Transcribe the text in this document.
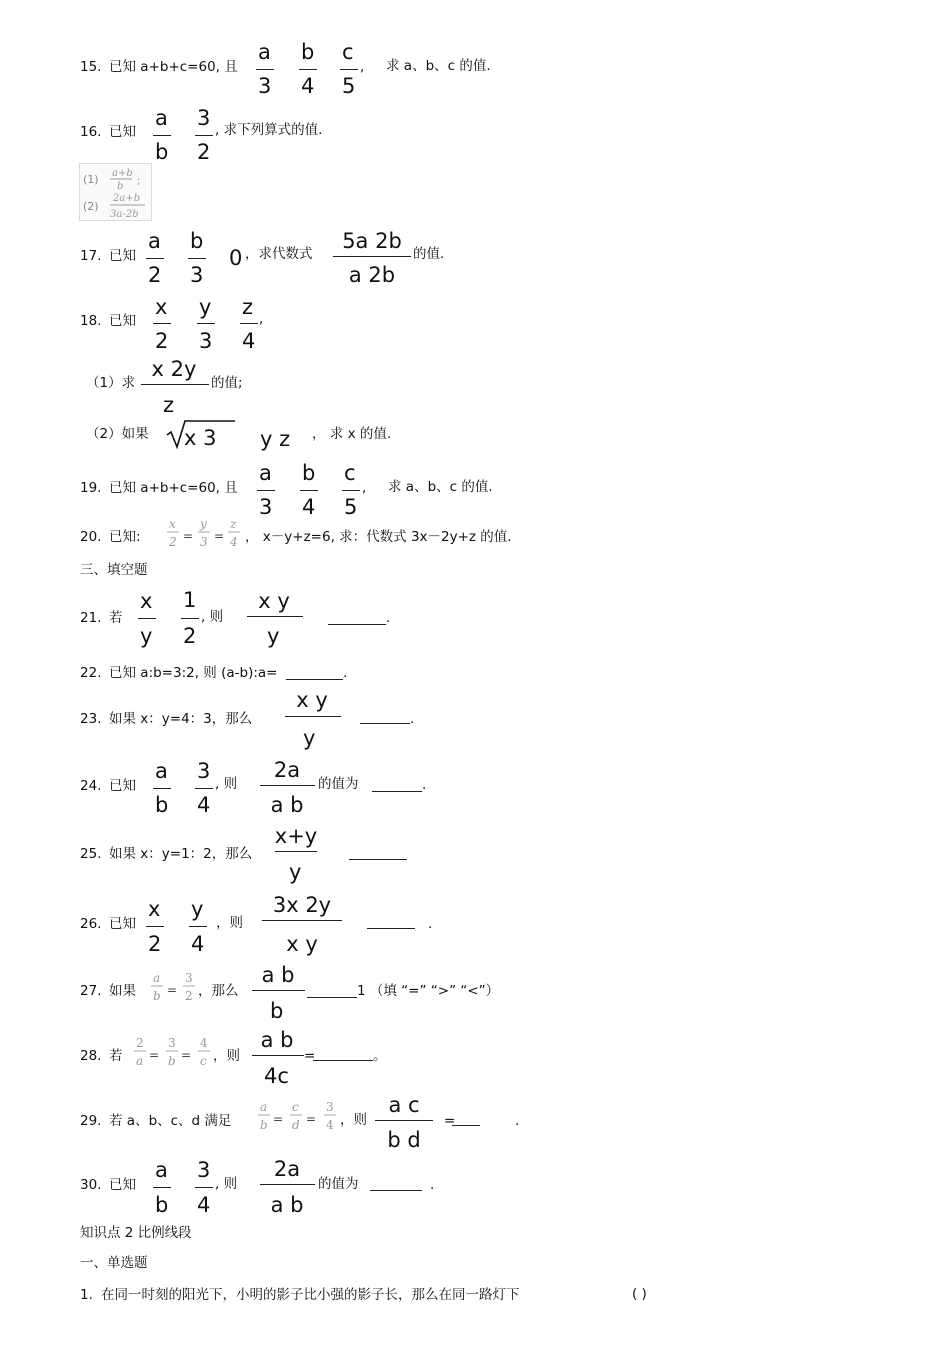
15. 已知 a+b+c=60, 且
a
3
b
4
c
5
, 求 a、b、c 的值.
16. 已知
a
b
3
2
, 求下列算式的值.
(1) a+b
b ;
(2)
2a+b
3a-2b
17. 已知
a
2
b
3
0 ，求代数式
5a 2b
a 2b
的值.
18. 已知
x
2
y
3
z
4
,
（1）求
x 2y
z
的值;
（2）如果 x 3 y z ， 求 x 的值.
19. 已知 a+b+c=60, 且
a
3
b
4
c
5
, 求 a、b、c 的值.
20. 已知:
x
2 =
y
3 =
z
4 ， x－y+z=6, 求：代数式 3x－2y+z 的值.
三、填空题
21. 若
x
y
1
2
, 则
x y
y
.
22. 已知 a:b=3:2, 则 (a-b):a=	.
23. 如果 x：y=4：3，那么
x y
y
.
24. 已知
a
b
3
4
, 则
2a
a b
的值为	.
25. 如果 x：y=1：2，那么
x+y
y
26. 已知
x
2
y
4
，则
3x 2y
x y
.
27. 如果
a
b =
3
2 ，那么
a b
b
1 （填 “=” “>” “<”）
28. 若
2
a =
3
b =
4
c ，则
a b
4c
=	。
29. 若 a、b、c、d 满足
a
b =
c
d =
3
4 ，则
a c
b d
=	.
30. 已知
a
b
3
4
, 则
2a
a b
的值为	.
知识点 2 比例线段
一、单选题
1. 在同一时刻的阳光下，小明的影子比小强的影子长，那么在同一路灯下	( )
